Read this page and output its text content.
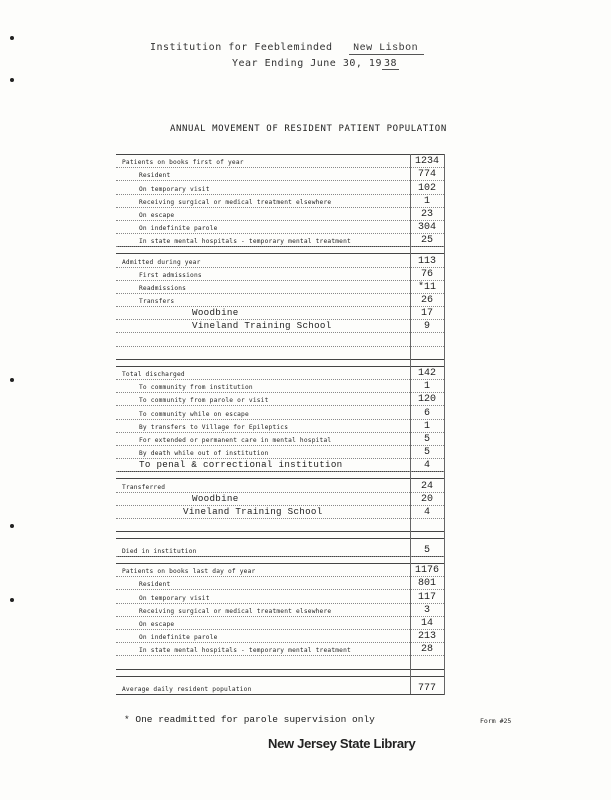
Institution for Feebleminded New Lisbon
Year Ending June 30, 19 38
ANNUAL MOVEMENT OF RESIDENT PATIENT POPULATION
Patients on books first of year	1234
Resident	774
On temporary visit	102
Receiving surgical or medical treatment elsewhere	1
On escape	23
On indefinite parole	304
In state mental hospitals - temporary mental treatment	25
Admitted during year	113
First admissions	76
Readmissions	*11
Transfers	26
Woodbine	17
Vineland Training School	9
Total discharged	142
To community from institution	1
To community from parole or visit	120
To community while on escape	6
By transfers to Village for Epileptics	1
For extended or permanent care in mental hospital	5
By death while out of institution	5
To penal & correctional institution	4
Transferred	24
Woodbine	20
Vineland Training School	4
Died in institution	5
Patients on books last day of year	1176
Resident	801
On temporary visit	117
Receiving surgical or medical treatment elsewhere	3
On escape	14
On indefinite parole	213
In state mental hospitals - temporary mental treatment	28
Average daily resident population	777
* One readmitted for parole supervision only	Form #25
New Jersey State Library
